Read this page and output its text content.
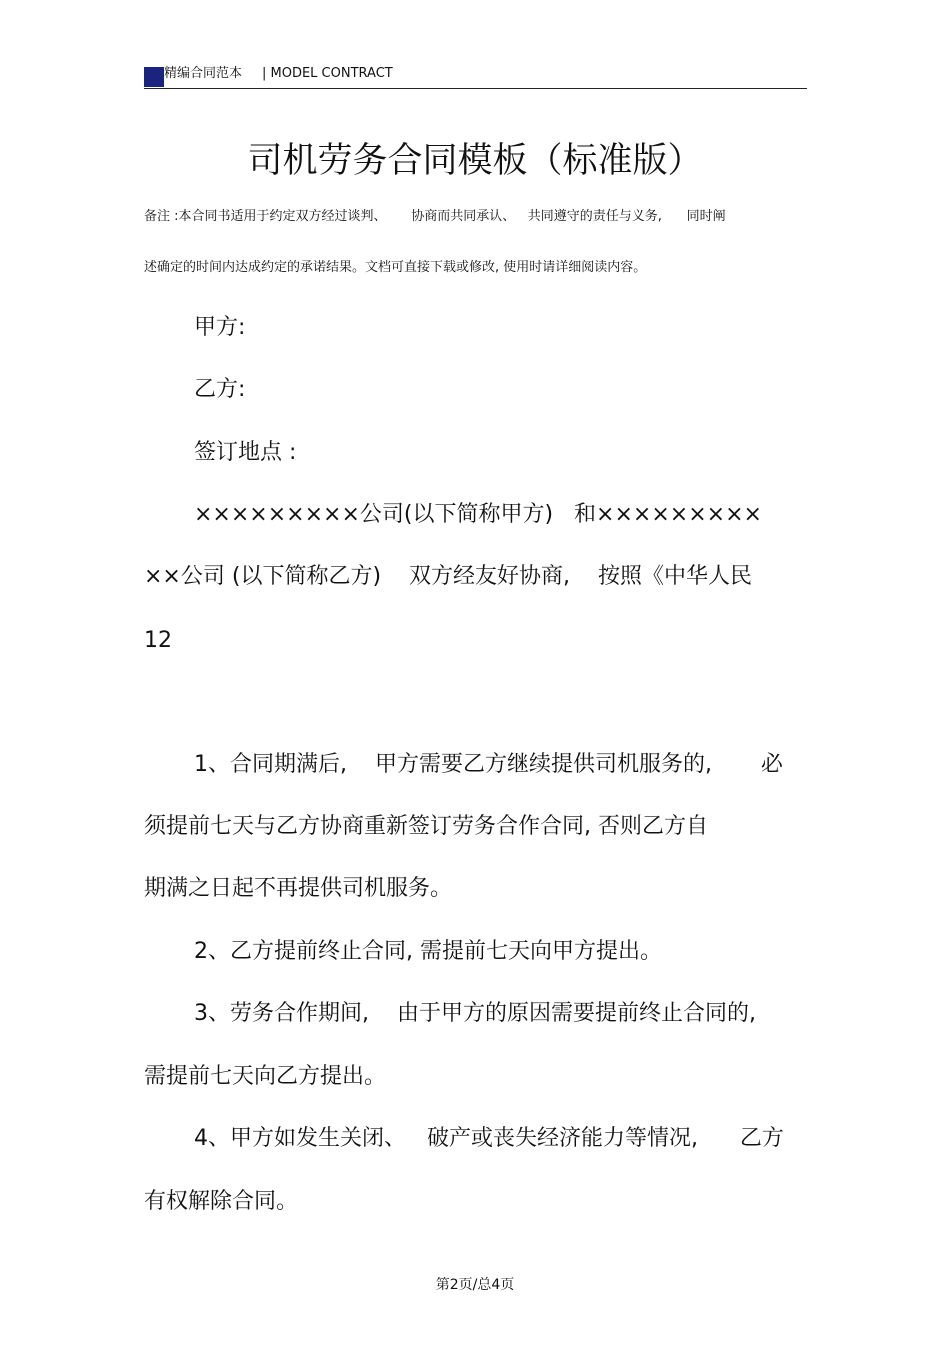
精编合同范本 | MODEL CONTRACT
司机劳务合同模板（标准版）
备注 :本合同书适用于约定双方经过谈判、      协商而共同承认、   共同遵守的责任与义务,      同时阐
述确定的时间内达成约定的承诺结果。文档可直接下载或修改, 使用时请详细阅读内容。
甲方:
乙方:
签订地点 :
×××××××××公司(以下简称甲方)   和×××××××××
××公司 (以下简称乙方)    双方经友好协商,    按照《中华人民
12
1、合同期满后,    甲方需要乙方继续提供司机服务的,       必
须提前七天与乙方协商重新签订劳务合作合同, 否则乙方自
期满之日起不再提供司机服务。
2、乙方提前终止合同, 需提前七天向甲方提出。
3、劳务合作期间,    由于甲方的原因需要提前终止合同的,
需提前七天向乙方提出。
4、甲方如发生关闭、   破产或丧失经济能力等情况,      乙方
有权解除合同。
第2页/总4页
